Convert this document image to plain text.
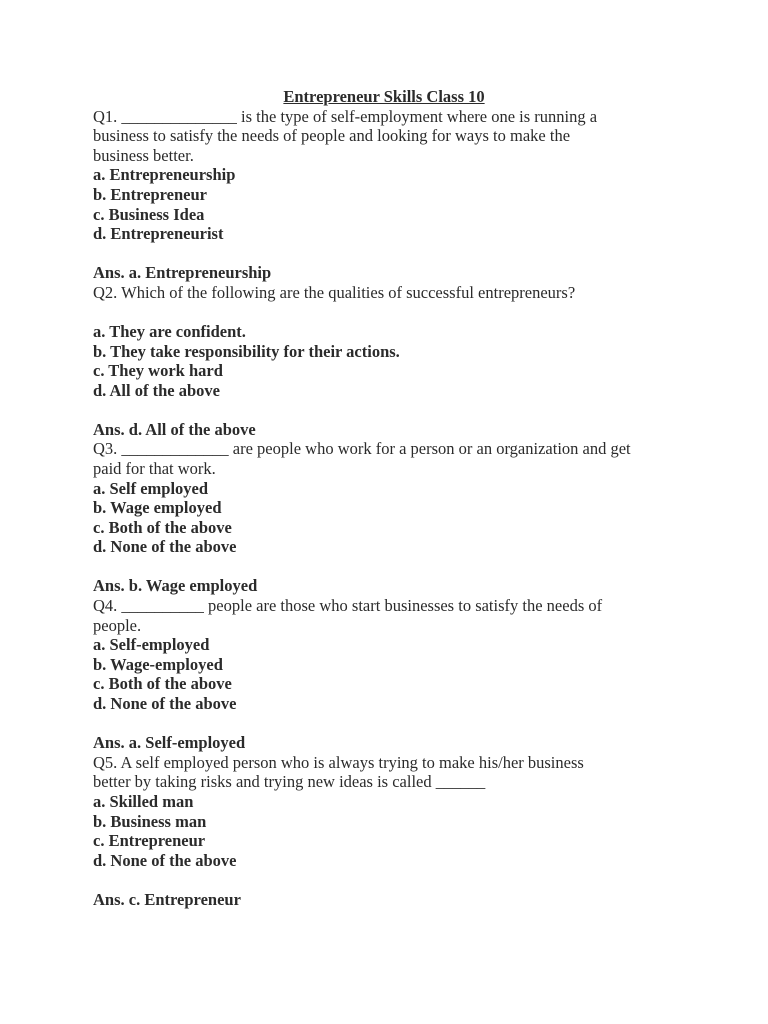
Entrepreneur Skills Class 10

Q1. ______________ is the type of self-employment where one is running a

business to satisfy the needs of people and looking for ways to make the

business better.

a. Entrepreneurship

b. Entrepreneur

c. Business Idea

d. Entrepreneurist

Ans. a. Entrepreneurship

Q2. Which of the following are the qualities of successful entrepreneurs?

a. They are confident.

b. They take responsibility for their actions.

c. They work hard

d. All of the above

Ans. d. All of the above

Q3. _____________ are people who work for a person or an organization and get

paid for that work.

a. Self employed

b. Wage employed

c. Both of the above

d. None of the above

Ans. b. Wage employed

Q4. __________ people are those who start businesses to satisfy the needs of

people.

a. Self-employed

b. Wage-employed

c. Both of the above

d. None of the above

Ans. a. Self-employed

Q5. A self employed person who is always trying to make his/her business

better by taking risks and trying new ideas is called ______

a. Skilled man

b. Business man

c. Entrepreneur

d. None of the above

Ans. c. Entrepreneur
